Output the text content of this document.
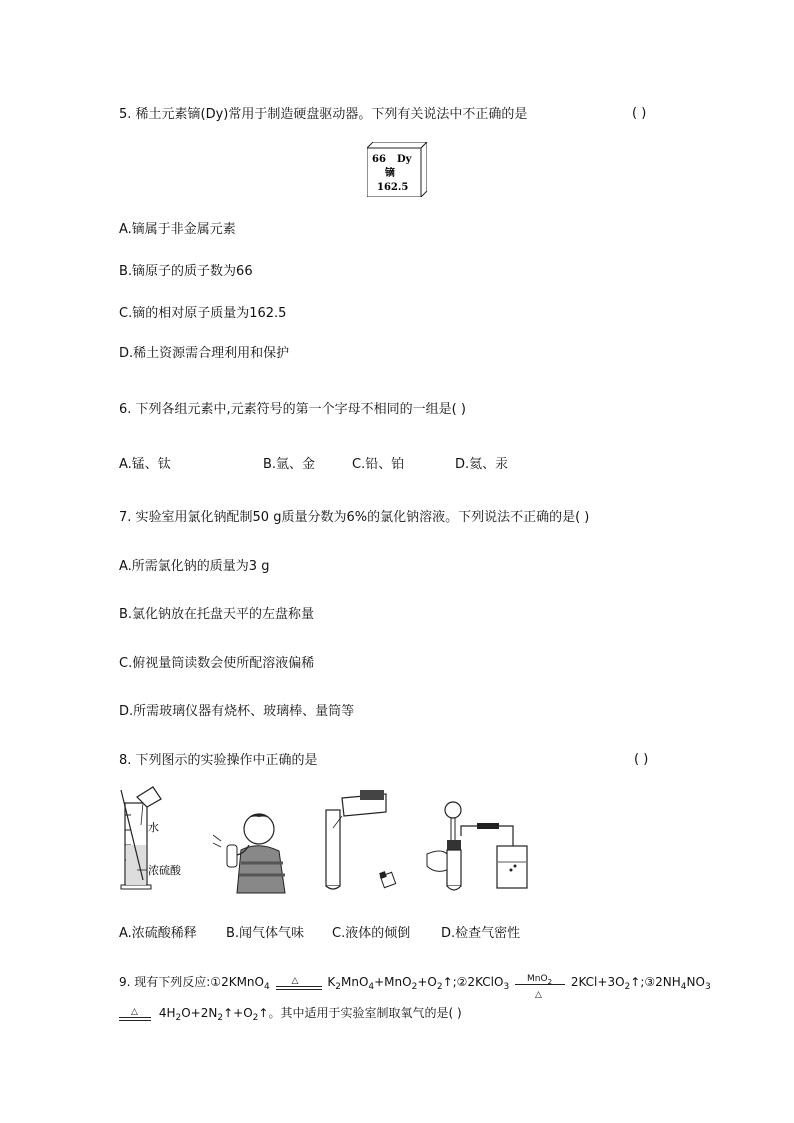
5. 稀土元素镝(Dy)常用于制造硬盘驱动器。下列有关说法中不正确的是	( )
66 Dy
镝
162.5
A.镝属于非金属元素
B.镝原子的质子数为66
C.镝的相对原子质量为162.5
D.稀土资源需合理利用和保护
6. 下列各组元素中,元素符号的第一个字母不相同的一组是( )
A.锰、钛	B.氩、金	C.铅、铂	D.氦、汞
7. 实验室用氯化钠配制50 g质量分数为6%的氯化钠溶液。下列说法不正确的是( )
A.所需氯化钠的质量为3 g
B.氯化钠放在托盘天平的左盘称量
C.俯视量筒读数会使所配溶液偏稀
D.所需玻璃仪器有烧杯、玻璃棒、量筒等
8. 下列图示的实验操作中正确的是	( )
水
浓硫酸
A.浓硫酸稀释 B.闻气体气味 C.液体的倾倒 D.检查气密性
9. 现有下列反应:①2KMnO$_4$
△ $K_2MnO_4+MnO_2+O_2↑;②2KClO_3$
MnO$_2$
△
$2KCl+3O_2↑;③2NH_4NO_3$
△ $4H_2O+2N_2↑+O_2↑$。其中适用于实验室制取氧气的是( )
